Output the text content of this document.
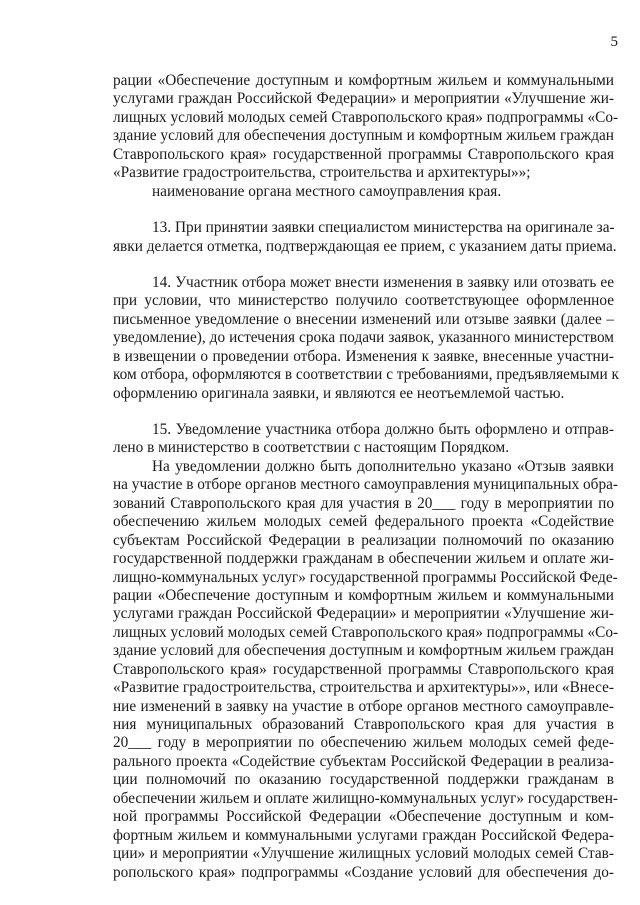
5
рации «Обеспечение доступным и комфортным жильем и коммунальными
услугами граждан Российской Федерации» и мероприятии «Улучшение жи-
лищных условий молодых семей Ставропольского края» подпрограммы «Со-
здание условий для обеспечения доступным и комфортным жильем граждан
Ставропольского края» государственной программы Ставропольского края
«Развитие градостроительства, строительства и архитектуры»»;
наименование органа местного самоуправления края.
13. При принятии заявки специалистом министерства на оригинале за-
явки делается отметка, подтверждающая ее прием, с указанием даты приема.
14. Участник отбора может внести изменения в заявку или отозвать ее
при условии, что министерство получило соответствующее оформленное
письменное уведомление о внесении изменений или отзыве заявки (далее –
уведомление), до истечения срока подачи заявок, указанного министерством
в извещении о проведении отбора. Изменения к заявке, внесенные участни-
ком отбора, оформляются в соответствии с требованиями, предъявляемыми к
оформлению оригинала заявки, и являются ее неотъемлемой частью.
15. Уведомление участника отбора должно быть оформлено и отправ-
лено в министерство в соответствии с настоящим Порядком.
На уведомлении должно быть дополнительно указано «Отзыв заявки
на участие в отборе органов местного самоуправления муниципальных обра-
зований Ставропольского края для участия в 20___ году в мероприятии по
обеспечению жильем молодых семей федерального проекта «Содействие
субъектам Российской Федерации в реализации полномочий по оказанию
государственной поддержки гражданам в обеспечении жильем и оплате жи-
лищно-коммунальных услуг» государственной программы Российской Феде-
рации «Обеспечение доступным и комфортным жильем и коммунальными
услугами граждан Российской Федерации» и мероприятии «Улучшение жи-
лищных условий молодых семей Ставропольского края» подпрограммы «Со-
здание условий для обеспечения доступным и комфортным жильем граждан
Ставропольского края» государственной программы Ставропольского края
«Развитие градостроительства, строительства и архитектуры»», или «Внесе-
ние изменений в заявку на участие в отборе органов местного самоуправле-
ния муниципальных образований Ставропольского края для участия в
20___ году в мероприятии по обеспечению жильем молодых семей феде-
рального проекта «Содействие субъектам Российской Федерации в реализа-
ции полномочий по оказанию государственной поддержки гражданам в
обеспечении жильем и оплате жилищно-коммунальных услуг» государствен-
ной программы Российской Федерации «Обеспечение доступным и ком-
фортным жильем и коммунальными услугами граждан Российской Федера-
ции» и мероприятии «Улучшение жилищных условий молодых семей Став-
ропольского края» подпрограммы «Создание условий для обеспечения до-
